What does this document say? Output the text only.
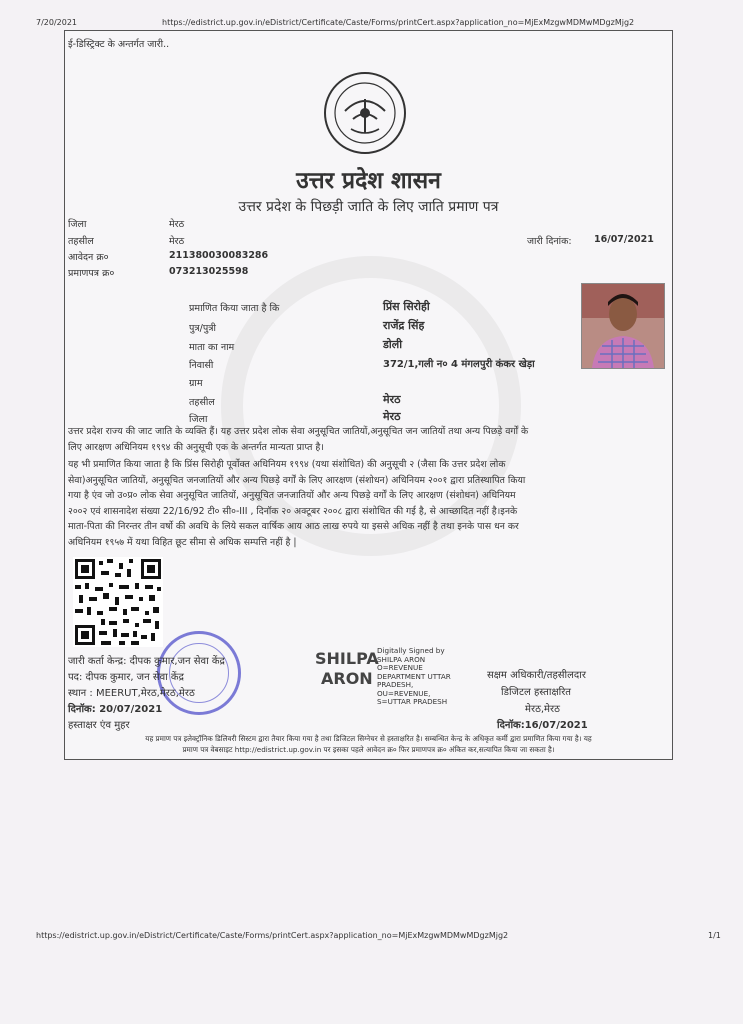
7/20/2021	https://edistrict.up.gov.in/eDistrict/Certificate/Caste/Forms/printCert.aspx?application_no=MjExMzgwMDMwMDgzMjg2
ई-डिस्ट्रिक्ट के अन्तर्गत जारी..
उत्तर प्रदेश शासन
उत्तर प्रदेश के पिछड़ी जाति के लिए जाति प्रमाण पत्र
जिला	मेरठ
तहसील	मेरठ
आवेदन क्र०	211380030083286
प्रमाणपत्र क्र०	073213025598
जारी दिनांक: 16/07/2021
प्रमाणित किया जाता है कि	प्रिंस सिरोही
पुत्र/पुत्री	राजेंद्र सिंह
माता का नाम	डोली
निवासी	372/1,गली न० 4 मंगलपुरी कंकर खेड़ा
ग्राम
तहसील	मेरठ
जिला	मेरठ
उत्तर प्रदेश राज्य की जाट जाति के व्यक्ति हैं। यह उत्तर प्रदेश लोक सेवा अनुसूचित जातियों,अनुसूचित जन जातियों तथा अन्य पिछड़े वर्गों के
लिए आरक्षण अधिनियम १९९४ की अनुसूची एक के अन्तर्गत मान्यता प्राप्त है।
यह भी प्रमाणित किया जाता है कि प्रिंस सिरोही पूर्वोक्त अधिनियम १९९४ (यथा संशोधित) की अनुसूची २ (जैसा कि उत्तर प्रदेश लोक
सेवा)अनुसूचित जातियों, अनुसूचित जनजातियों और अन्य पिछड़े वर्गों के लिए आरक्षण (संशोधन) अधिनियम २००१ द्वारा प्रतिस्थापित किया
गया है एंव जो उ०प्र० लोक सेवा अनुसूचित जातियों, अनुसूचित जनजातियों और अन्य पिछड़े वर्गों के लिए आरक्षण (संशोधन) अधिनियम
२००२ एवं शासनादेश संख्या 22/16/92 टी० सी०-III , दिनॉक २० अक्टूबर २००८ द्वारा संशोधित की गई है, से आच्छादित नहीं है।इनके
माता-पिता की निरन्तर तीन वर्षो की अवधि के लिये सकल वार्षिक आय आठ लाख रुपये या इससे अधिक नहीं है तथा इनके पास धन कर
अधिनियम १९५७ में यथा विहित छूट सीमा से अधिक सम्पत्ति नहीं है |
जारी कर्ता केन्द्र: दीपक कुमार,जन सेवा केंद्र
पद: दीपक कुमार, जन सेवा केंद्र
स्थान : MEERUT,मेरठ,मेरठ,मेरठ
दिनॉक: 20/07/2021
हस्ताक्षर एंव मुहर
SHILPA
ARON
Digitally Signed by
SHILPA ARON
O=REVENUE
DEPARTMENT UTTAR
PRADESH,
OU=REVENUE,
S=UTTAR PRADESH
सक्षम अधिकारी/तहसीलदार
डिजिटल हस्ताक्षरित
मेरठ,मेरठ
दिनॉक:16/07/2021
यह प्रमाण पत्र इलेक्ट्रॉनिक डिलिवरी सिस्टम द्वारा तैयार किया गया है तथा डिजिटल सिग्नेचर से हस्ताक्षरित है। सम्बन्धित केन्द्र के अधिकृत कर्मी द्वारा प्रमाणित किया गया है। यह
प्रमाण पत्र वेबसाइट http://edistrict.up.gov.in पर इसका पहले आवेदन क्र० फिर प्रमाणपत्र क्र० अंकित कर,सत्यापित किया जा सकता है।
https://edistrict.up.gov.in/eDistrict/Certificate/Caste/Forms/printCert.aspx?application_no=MjExMzgwMDMwMDgzMjg2	1/1
